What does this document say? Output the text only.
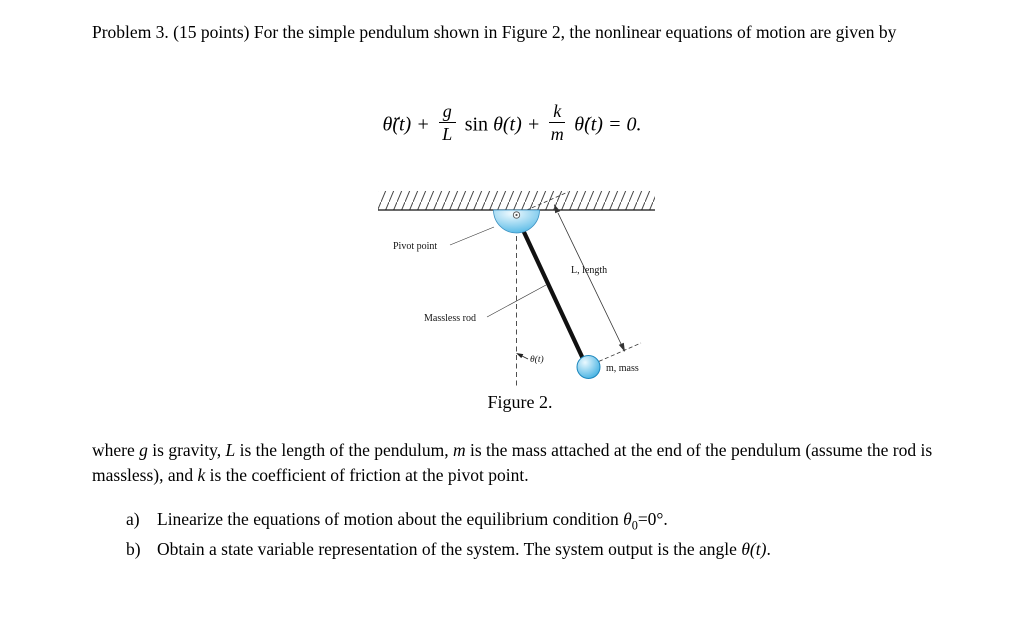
Problem 3. (15 points) For the simple pendulum shown in Figure 2, the nonlinear equations of motion are given by
θ̈(t) + $\frac{g}{L}$ $\sin \theta(t) + \frac{k}{m}$ θ̇(t) = 0.
θ(t)
Pivot point
L, length
Massless rod
m, mass
Figure 2.
where g is gravity, L is the length of the pendulum, m is the mass attached at the end of the pendulum (assume the rod is massless), and k is the coefficient of friction at the pivot point.
a) Linearize the equations of motion about the equilibrium condition $\theta_0=0^\circ$.
b) Obtain a state variable representation of the system. The system output is the angle θ(t).
